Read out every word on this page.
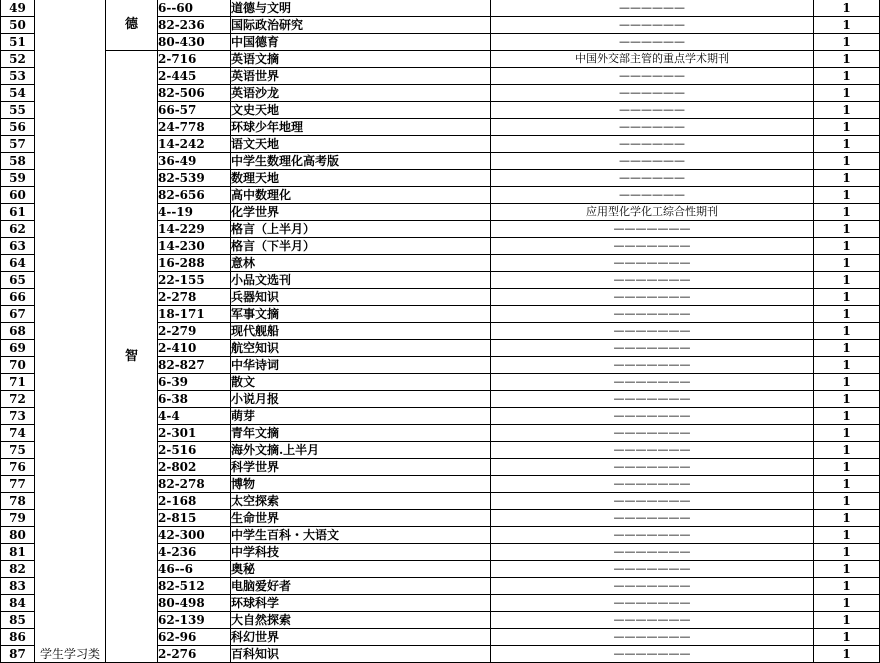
49	学生学习类	德	6--60	道德与文明	——————	1
50			82-236	国际政治研究	——————	1
51			80-430	中国德育	——————	1
52		智	2-716	英语文摘	中国外交部主管的重点学术期刊	1
53			2-445	英语世界	——————	1
54			82-506	英语沙龙	——————	1
55			66-57	文史天地	——————	1
56			24-778	环球少年地理	——————	1
57			14-242	语文天地	——————	1
58			36-49	中学生数理化高考版	——————	1
59			82-539	数理天地	——————	1
60			82-656	高中数理化	——————	1
61			4--19	化学世界	应用型化学化工综合性期刊	1
62			14-229	格言（上半月）	———————	1
63			14-230	格言（下半月）	———————	1
64			16-288	意林	———————	1
65			22-155	小品文选刊	———————	1
66			2-278	兵器知识	———————	1
67			18-171	军事文摘	———————	1
68			2-279	现代舰船	———————	1
69			2-410	航空知识	———————	1
70			82-827	中华诗词	———————	1
71			6-39	散文	———————	1
72			6-38	小说月报	———————	1
73			4-4	萌芽	———————	1
74			2-301	青年文摘	———————	1
75			2-516	海外文摘.上半月	———————	1
76			2-802	科学世界	———————	1
77			82-278	博物	———————	1
78			2-168	太空探索	———————	1
79			2-815	生命世界	———————	1
80			42-300	中学生百科・大语文	———————	1
81			4-236	中学科技	———————	1
82			46--6	奥秘	———————	1
83			82-512	电脑爱好者	———————	1
84			80-498	环球科学	———————	1
85			62-139	大自然探索	———————	1
86			62-96	科幻世界	———————	1
87			2-276	百科知识	———————	1
